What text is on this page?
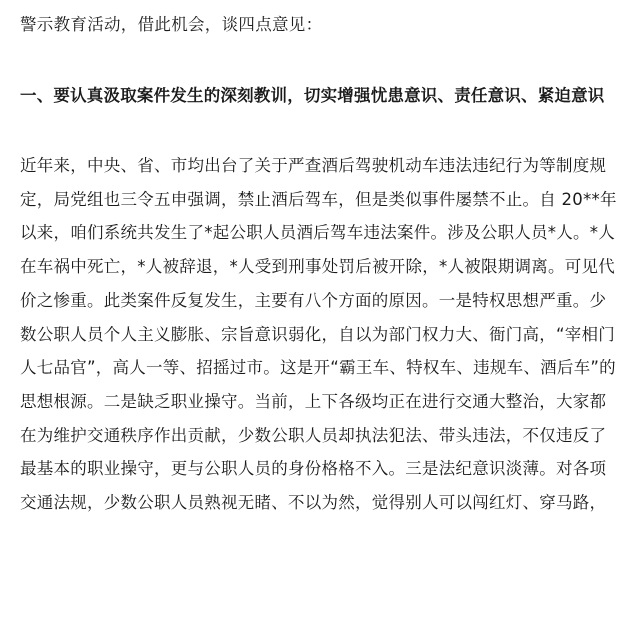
警示教育活动，借此机会，谈四点意见：
一、要认真汲取案件发生的深刻教训，切实增强忧患意识、责任意识、紧迫意识
近年来，中央、省、市均出台了关于严查酒后驾驶机动车违法违纪行为等制度规
定，局党组也三令五申强调，禁止酒后驾车，但是类似事件屡禁不止。自 20**年
以来，咱们系统共发生了*起公职人员酒后驾车违法案件。涉及公职人员*人。*人
在车祸中死亡，*人被辞退，*人受到刑事处罚后被开除，*人被限期调离。可见代
价之惨重。此类案件反复发生，主要有八个方面的原因。一是特权思想严重。少
数公职人员个人主义膨胀、宗旨意识弱化，自以为部门权力大、衙门高，“宰相门
人七品官”，高人一等、招摇过市。这是开“霸王车、特权车、违规车、酒后车”的
思想根源。二是缺乏职业操守。当前，上下各级均正在进行交通大整治，大家都
在为维护交通秩序作出贡献，少数公职人员却执法犯法、带头违法，不仅违反了
最基本的职业操守，更与公职人员的身份格格不入。三是法纪意识淡薄。对各项
交通法规，少数公职人员熟视无睹、不以为然，觉得别人可以闯红灯、穿马路，
